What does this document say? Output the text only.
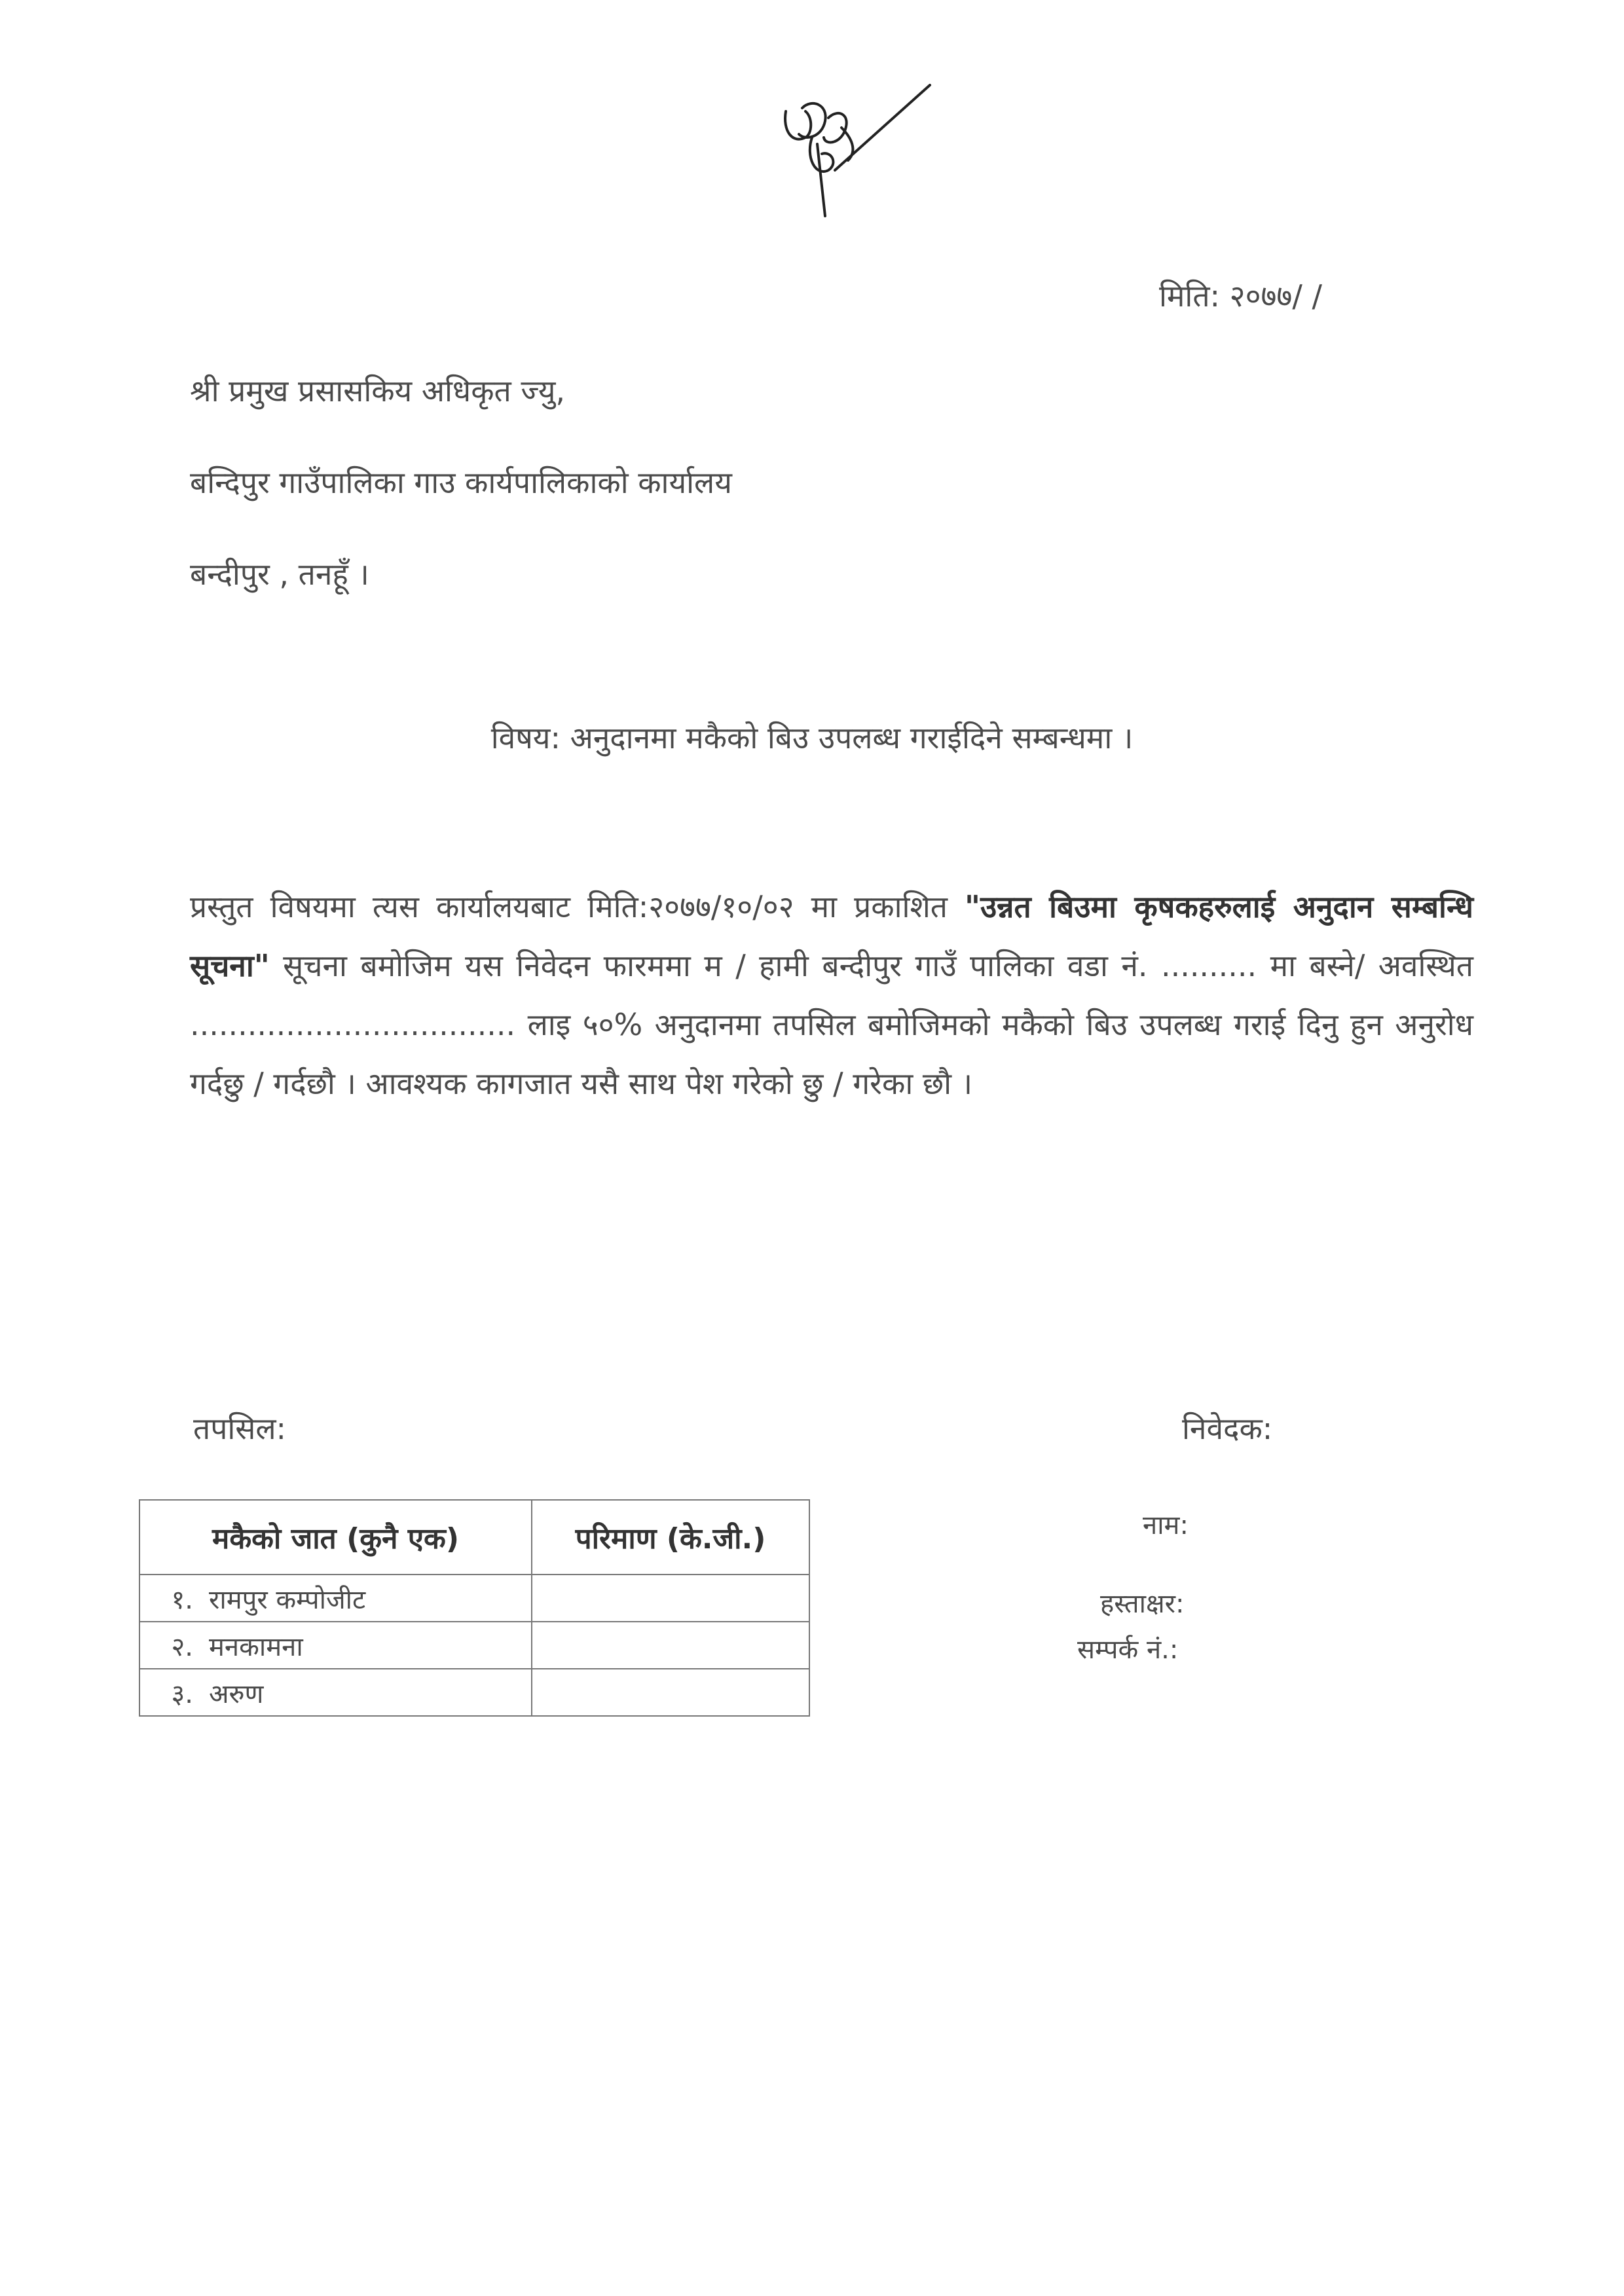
मिति: २०७७/ /
श्री प्रमुख प्रसासकिय अधिकृत ज्यु,
बन्दिपुर गाउँपालिका गाउ कार्यपालिकाको कार्यालय
बन्दीपुर , तनहूँ ।
विषय: अनुदानमा मकैको बिउ उपलब्ध गराईदिने सम्बन्धमा ।
प्रस्तुत विषयमा त्यस कार्यालयबाट मिति:२०७७/१०/०२ मा प्रकाशित "उन्नत बिउमा कृषकहरुलाई अनुदान सम्बन्धि सूचना" सूचना बमोजिम यस निवेदन फारममा म / हामी बन्दीपुर गाउँ पालिका वडा नं. .......... मा बस्ने/ अवस्थित .................................. लाइ ५०% अनुदानमा तपसिल बमोजिमको मकैको बिउ उपलब्ध गराई दिनु हुन अनुरोध गर्दछु / गर्दछौ । आवश्यक कागजात यसै साथ पेश गरेको छु / गरेका छौ ।
तपसिल:	निवेदक:
मकैको जात (कुनै एक)	परिमाण (के.जी.)
१. रामपुर कम्पोजीट	
२. मनकामना	
३. अरुण	
नाम:
हस्ताक्षर:
सम्पर्क नं.:
